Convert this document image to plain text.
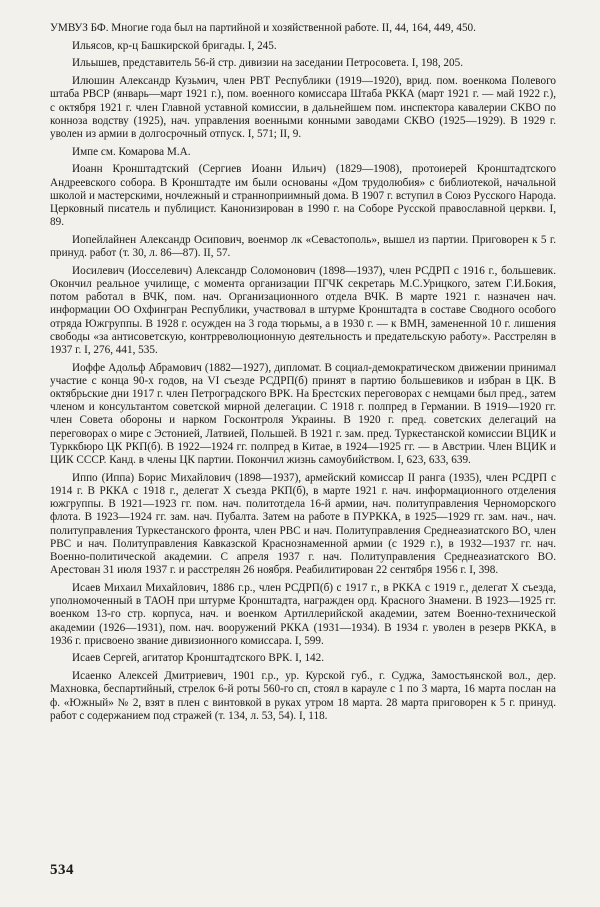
УМВУЗ БФ. Многие года был на партийной и хозяйственной работе. II, 44, 164, 449, 450.

Ильясов, кр-ц Башкирской бригады. I, 245.

Ильышев, представитель 56-й стр. дивизии на заседании Петросовета. I, 198, 205.

Илюшин Александр Кузьмич, член РВТ Республики (1919—1920), врид. пом. военкома Полевого штаба РВСР (январь—март 1921 г.), пом. военного комиссара Штаба РККА (март 1921 г. — май 1922 г.), с октября 1921 г. член Главной уставной комиссии, в дальнейшем пом. инспектора кавалерии СКВО по конноза водству (1925), нач. управления военными конными заводами СКВО (1925—1929). В 1929 г. уволен из армии в долгосрочный отпуск. I, 571; II, 9.

Импе см. Комарова М.А.

Иоанн Кронштадтский (Сергиев Иоанн Ильич) (1829—1908), протоиерей Кронштадтского Андреевского собора. В Кронштадте им были основаны «Дом трудолюбия» с библиотекой, начальной школой и мастерскими, ночлежный и странноприимный дома. В 1907 г. вступил в Союз Русского Народа. Церковный писатель и публицист. Канонизирован в 1990 г. на Соборе Русской православной церкви. I, 89.

Иопейлайнен Александр Осипович, военмор лк «Севастополь», вышел из партии. Приговорен к 5 г. принуд. работ (т. 30, л. 86—87). II, 57.

Иосилевич (Иосселевич) Александр Соломонович (1898—1937), член РСДРП с 1916 г., большевик. Окончил реальное училище, с момента организации ПГЧК секретарь М.С.Урицкого, затем Г.И.Бокия, потом работал в ВЧК, пом. нач. Организационного отдела ВЧК. В марте 1921 г. назначен нач. информации ОО Охфингран Республики, участвовал в штурме Кронштадта в составе Сводного особого отряда Южгруппы. В 1928 г. осужден на 3 года тюрьмы, а в 1930 г. — к ВМН, замененной 10 г. лишения свободы «за антисоветскую, контрреволюционную деятельность и предательскую работу». Расстрелян в 1937 г. I, 276, 441, 535.

Иоффе Адольф Абрамович (1882—1927), дипломат. В социал-демократическом движении принимал участие с конца 90-х годов, на VI съезде РСДРП(б) принят в партию большевиков и избран в ЦК. В октябрьские дни 1917 г. член Петроградского ВРК. На Брестских переговорах с немцами был пред., затем членом и консультантом советской мирной делегации. С 1918 г. полпред в Германии. В 1919—1920 гг. член Совета обороны и нарком Госконтроля Украины. В 1920 г. пред. советских делегаций на переговорах о мире с Эстонией, Латвией, Польшей. В 1921 г. зам. пред. Туркестанской комиссии ВЦИК и Турккбюро ЦК РКП(б). В 1922—1924 гг. полпред в Китае, в 1924—1925 гг. — в Австрии. Член ВЦИК и ЦИК СССР. Канд. в члены ЦК партии. Покончил жизнь самоубийством. I, 623, 633, 639.

Иппо (Иппа) Борис Михайлович (1898—1937), армейский комиссар II ранга (1935), член РСДРП с 1914 г. В РККА с 1918 г., делегат X съезда РКП(б), в марте 1921 г. нач. информационного отделения южгруппы. В 1921—1923 гг. пом. нач. политотдела 16-й армии, нач. политуправления Черноморского флота. В 1923—1924 гг. зам. нач. Пубалта. Затем на работе в ПУРККА, в 1925—1929 гг. зам. нач., нач. политуправления Туркестанского фронта, член РВС и нач. Политуправления Среднеазиатского ВО, член РВС и нач. Политуправления Кавказской Краснознаменной армии (с 1929 г.), в 1932—1937 гг. нач. Военно-политической академии. С апреля 1937 г. нач. Политуправления Среднеазиатского ВО. Арестован 31 июля 1937 г. и расстрелян 26 ноября. Реабилитирован 22 сентября 1956 г. I, 398.

Исаев Михаил Михайлович, 1886 г.р., член РСДРП(б) с 1917 г., в РККА с 1919 г., делегат X съезда, уполномоченный в ТАОН при штурме Кронштадта, награжден орд. Красного Знамени. В 1923—1925 гг. военком 13-го стр. корпуса, нач. и военком Артиллерийской академии, затем Военно-технической академии (1926—1931), пом. нач. вооружений РККА (1931—1934). В 1934 г. уволен в резерв РККА, в 1936 г. присвоено звание дивизионного комиссара. I, 599.

Исаев Сергей, агитатор Кронштадтского ВРК. I, 142.

Исаенко Алексей Дмитриевич, 1901 г.р., ур. Курской губ., г. Суджа, Замостьянской вол., дер. Махновка, беспартийный, стрелок 6-й роты 560-го сп, стоял в карауле с 1 по 3 марта, 16 марта послан на ф. «Южный» № 2, взят в плен с винтовкой в руках утром 18 марта. 28 марта приговорен к 5 г. принуд. работ с содержанием под стражей (т. 134, л. 53, 54). I, 118.

534
